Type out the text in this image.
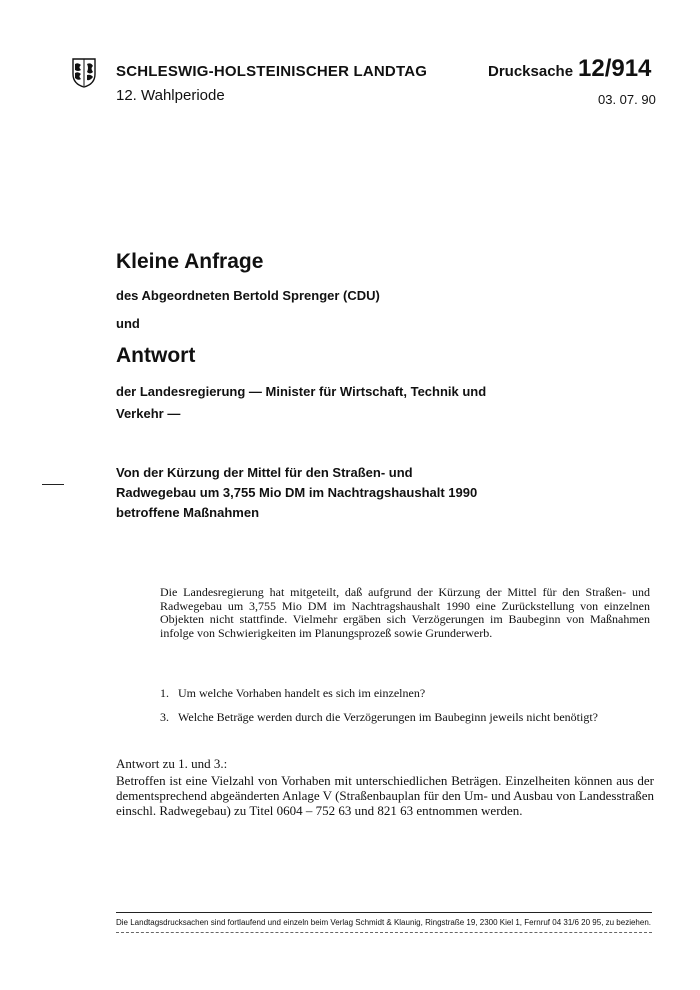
SCHLESWIG-HOLSTEINISCHER LANDTAG
12. Wahlperiode
Drucksache 12/914
03. 07. 90
Kleine Anfrage
des Abgeordneten Bertold Sprenger (CDU)
und
Antwort
der Landesregierung — Minister für Wirtschaft, Technik und Verkehr —
Von der Kürzung der Mittel für den Straßen- und Radwegebau um 3,755 Mio DM im Nachtragshaushalt 1990 betroffene Maßnahmen
Die Landesregierung hat mitgeteilt, daß aufgrund der Kürzung der Mittel für den Straßen- und Radwegebau um 3,755 Mio DM im Nachtragshaushalt 1990 eine Zurückstellung von einzelnen Objekten nicht stattfinde. Vielmehr ergäben sich Verzögerungen im Baubeginn von Maßnahmen infolge von Schwierigkeiten im Planungsprozeß sowie Grunderwerb.
1. Um welche Vorhaben handelt es sich im einzelnen?
3. Welche Beträge werden durch die Verzögerungen im Baubeginn jeweils nicht benötigt?
Antwort zu 1. und 3.:
Betroffen ist eine Vielzahl von Vorhaben mit unterschiedlichen Beträgen. Einzelheiten können aus der dementsprechend abgeänderten Anlage V (Straßenbauplan für den Um- und Ausbau von Landesstraßen einschl. Radwegebau) zu Titel 0604 – 752 63 und 821 63 entnommen werden.
Die Landtagsdrucksachen sind fortlaufend und einzeln beim Verlag Schmidt & Klaunig, Ringstraße 19, 2300 Kiel 1, Fernruf 04 31/6 20 95, zu beziehen.
